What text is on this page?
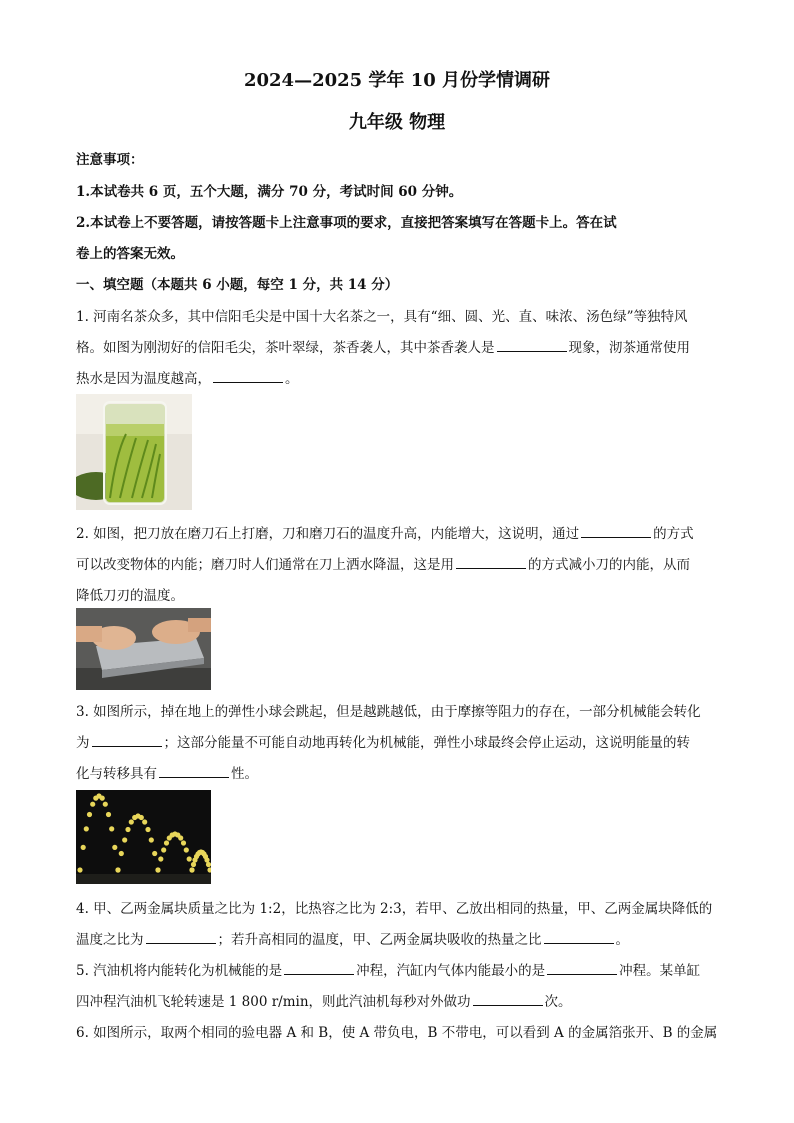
2024—2025 学年 10 月份学情调研
九年级 物理
注意事项：
1.本试卷共 6 页，五个大题，满分 70 分，考试时间 60 分钟。
2.本试卷上不要答题，请按答题卡上注意事项的要求，直接把答案填写在答题卡上。答在试
卷上的答案无效。
一、填空题（本题共 6 小题，每空 1 分，共 14 分）
1. 河南名茶众多，其中信阳毛尖是中国十大名茶之一，具有“细、圆、光、直、味浓、汤色绿”等独特风
格。如图为刚沏好的信阳毛尖，茶叶翠绿，茶香袭人，其中茶香袭人是	现象，沏茶通常使用
热水是因为温度越高，	。
2. 如图，把刀放在磨刀石上打磨，刀和磨刀石的温度升高，内能增大，这说明，通过	的方式
可以改变物体的内能；磨刀时人们通常在刀上洒水降温，这是用	的方式减小刀的内能，从而
降低刀刃的温度。
3. 如图所示，掉在地上的弹性小球会跳起，但是越跳越低，由于摩擦等阻力的存在，一部分机械能会转化
为	；这部分能量不可能自动地再转化为机械能，弹性小球最终会停止运动，这说明能量的转
化与转移具有	性。
4. 甲、乙两金属块质量之比为 1:2，比热容之比为 2:3，若甲、乙放出相同的热量，甲、乙两金属块降低的
温度之比为	；若升高相同的温度，甲、乙两金属块吸收的热量之比	。
5. 汽油机将内能转化为机械能的是	冲程，汽缸内气体内能最小的是	冲程。某单缸
四冲程汽油机飞轮转速是 1 800 r/min，则此汽油机每秒对外做功	次。
6. 如图所示，取两个相同的验电器 A 和 B，使 A 带负电，B 不带电，可以看到 A 的金属箔张开、B 的金属
